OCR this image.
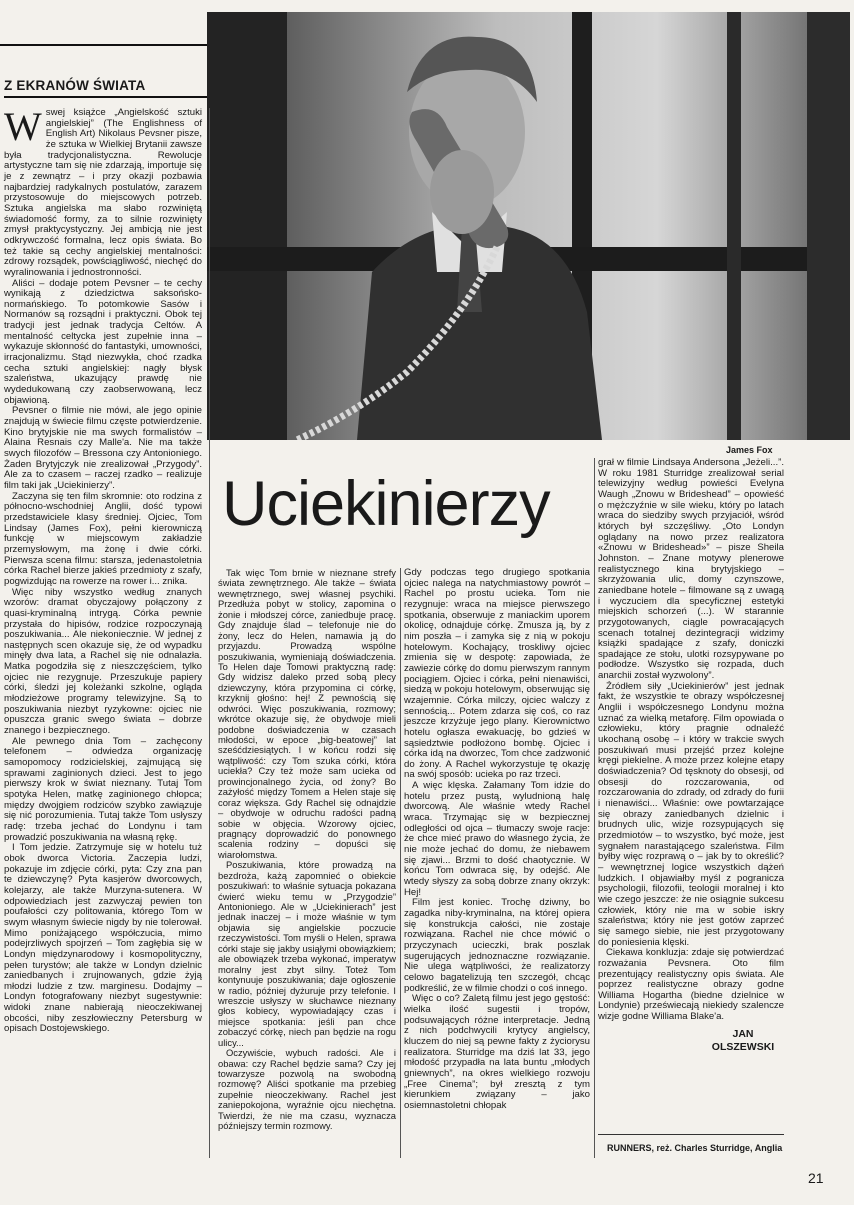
Z EKRANÓW ŚWIATA
James Fox
Uciekinierzy
W swej książce „Angielskość sztuki angielskiej” (The Englishness of English Art) Nikolaus Pevsner pisze, że sztuka w Wielkiej Brytanii zawsze była tradycjonalistyczna. Rewolucje artystyczne tam się nie zdarzają, importuje się je z zewnątrz – i przy okazji pozbawia najbardziej radykalnych postulatów, zarazem przystosowuje do miejscowych potrzeb. Sztuka angielska ma słabo rozwiniętą świadomość formy, za to silnie rozwinięty zmysł praktycystyczny. Jej ambicją nie jest odkrywczość formalna, lecz opis świata. Bo też takie są cechy angielskiej mentalności: zdrowy rozsądek, powściągliwość, niechęć do wyralinowania i jednostronności.

Aliści – dodaje potem Pevsner – te cechy wynikają z dziedzictwa saksońsko-normańskiego. To potomkowie Sasów i Normanów są rozsądni i praktyczni. Obok tej tradycji jest jednak tradycja Celtów. A mentalność celtycka jest zupełnie inna – wykazuje skłonność do fantastyki, umowności, irracjonalizmu. Stąd niezwykła, choć rzadka cecha sztuki angielskiej: nagły błysk szaleństwa, ukazujący prawdę nie wydedukowaną czy zaobserwowaną, lecz objawioną.

Pevsner o filmie nie mówi, ale jego opinie znajdują w świecie filmu częste potwierdzenie. Kino brytyjskie nie ma swych formalistów – Alaina Resnais czy Malle'a. Nie ma także swych filozofów – Bressona czy Antonioniego. Żaden Brytyjczyk nie zrealizował „Przygody”. Ale za to czasem – raczej rzadko – realizuje film taki jak „Uciekinierzy”.

Zaczyna się ten film skromnie: oto rodzina z północno-wschodniej Anglii, dość typowi przedstawiciele klasy średniej. Ojciec, Tom Lindsay (James Fox), pełni kierowniczą funkcję w miejscowym zakładzie przemysłowym, ma żonę i dwie córki. Pierwsza scena filmu: starsza, jedenastoletnia córka Rachel bierze jakieś przedmioty z szafy, pogwizdując na rowerze na rower i... znika.

Więc niby wszystko według znanych wzorów: dramat obyczajowy połączony z quasi-kryminalną intrygą. Córka pewnie przystała do hipisów, rodzice rozpoczynają poszukiwania... Ale niekoniecznie. W jednej z następnych scen okazuje się, że od wypadku minęły dwa lata, a Rachel się nie odnalazła. Matka pogodziła się z nieszczęściem, tylko ojciec nie rezygnuje. Przeszukuje papiery córki, śledzi jej koleżanki szkolne, ogląda młodzieżowe programy telewizyjne. Są to poszukiwania niezbyt ryzykowne: ojciec nie opuszcza granic swego świata – dobrze znanego i bezpiecznego.

Ale pewnego dnia Tom – zachęcony telefonem – odwiedza organizację samopomocy rodzicielskiej, zajmującą się sprawami zaginionych dzieci. Jest to jego pierwszy krok w świat nieznany. Tutaj Tom spotyka Helen, matkę zaginionego chłopca; między dwojgiem rodziców szybko zawiązuje się nić porozumienia. Tutaj także Tom usłyszy radę: trzeba jechać do Londynu i tam prowadzić poszukiwania na własną rękę.

I Tom jedzie. Zatrzymuje się w hotelu tuż obok dworca Victoria. Zaczepia ludzi, pokazuje im zdjęcie córki, pyta: Czy zna pan te dziewczynę? Pyta kasjerów dworcowych, kolejarzy, ale także Murzyna-sutenera. W odpowiedziach jest zazwyczaj pewien ton poufałości czy politowania, którego Tom w swym własnym świecie nigdy by nie tolerował. Mimo poniżającego współczucia, mimo podejrzliwych spojrzeń – Tom zagłębia się w Londyn międzynarodowy i kosmopolityczny, pełen turystów; ale także w Londyn dzielnic zaniedbanych i zrujnowanych, gdzie żyją młodzi ludzie z tzw. marginesu. Dodajmy – Londyn fotografowany niezbyt sugestywnie: widoki znane nabierają nieoczekiwanej obcości, niby zeszłowieczny Petersburg w opisach Dostojewskiego.

Tak więc Tom brnie w nieznane strefy świata zewnętrznego. Ale także – świata wewnętrznego, swej własnej psychiki. Przedłuża pobyt w stolicy, zapomina o żonie i młodszej córce, zaniedbuje pracę. Gdy znajduje ślad – telefonuje nie do żony, lecz do Helen, namawia ją do przyjazdu. Prowadzą wspólne poszukiwania, wymieniają doświadczenia. To Helen daje Tomowi praktyczną radę: Gdy widzisz daleko przed sobą plecy dziewczyny, która przypomina ci córkę, krzyknij głośno: hej! Z pewnością się odwróci. Więc poszukiwania, rozmowy; wkrótce okazuje się, że obydwoje mieli podobne doświadczenia w czasach młodości, w epoce „big-beatowej” lat sześćdziesiątych. I w końcu rodzi się wątpliwość: czy Tom szuka córki, która uciekła? Czy też może sam ucieka od prowincjonalnego życia, od żony? Bo zażyłość między Tomem a Helen staje się coraz większa. Gdy Rachel się odnajdzie – obydwoje w odruchu radości padną sobie w objęcia. Wzorowy ojciec, pragnący doprowadzić do ponownego scalenia rodziny – dopuści się wiarołomstwa.

Poszukiwania, które prowadzą na bezdroża, każą zapomnieć o obiekcie poszukiwań: to właśnie sytuacja pokazana ćwierć wieku temu w „Przygodzie” Antonioniego. Ale w „Uciekinierach” jest jednak inaczej – i może właśnie w tym objawia się angielskie poczucie rzeczywistości. Tom myśli o Helen, sprawa córki staje się jakby usiąłymi obowiązkiem; ale obowiązek trzeba wykonać, imperatyw moralny jest zbyt silny. Toteż Tom kontynuuje poszukiwania; daje ogłoszenie w radio, później dyżuruje przy telefonie. I wreszcie usłyszy w słuchawce nieznany głos kobiecy, wypowiadający czas i miejsce spotkania: jeśli pan chce zobaczyć córkę, niech pan będzie na rogu ulicy...

Oczywiście, wybuch radości. Ale i obawa: czy Rachel będzie sama? Czy jej towarzysze pozwolą na swobodną rozmowę? Aliści spotkanie ma przebieg zupełnie nieoczekiwany. Rachel jest zaniepokojona, wyraźnie ojcu niechętna. Twierdzi, że nie ma czasu, wyznacza późniejszy termin rozmowy.

Gdy podczas tego drugiego spotkania ojciec nalega na natychmiastowy powrót – Rachel po prostu ucieka. Tom nie rezygnuje: wraca na miejsce pierwszego spotkania, obserwuje z maniackim uporem okolicę, odnajduje córkę. Zmusza ją, by z nim poszła – i zamyka się z nią w pokoju hotelowym. Kochający, troskliwy ojciec zmienia się w despotę: zapowiada, że zawiezie córkę do domu pierwszym rannym pociągiem. Ojciec i córka, pełni nienawiści, siedzą w pokoju hotelowym, obserwując się wzajemnie. Córka milczy, ojciec walczy z sennością... Potem zdarza się coś, co raz jeszcze krzyżuje jego plany. Kierownictwo hotelu ogłasza ewakuację, bo gdzieś w sąsiedztwie podłożono bombę. Ojciec i córka idą na dworzec, Tom chce zadzwonić do żony. A Rachel wykorzystuje tę okazję na swój sposób: ucieka po raz trzeci.

A więc klęska. Załamany Tom idzie do hotelu przez pustą, wyludnioną halę dworcową. Ale właśnie wtedy Rachel wraca. Trzymając się w bezpiecznej odległości od ojca – tłumaczy swoje racje: że chce mieć prawo do własnego życia, że nie może jechać do domu, że niebawem się zjawi... Brzmi to dość chaotycznie. W końcu Tom odwraca się, by odejść. Ale wtedy słyszy za sobą dobrze znany okrzyk: Hej!

Film jest koniec. Trochę dziwny, bo zagadka niby-kryminalna, na której opiera się konstrukcja całości, nie zostaje rozwiązana. Rachel nie chce mówić o przyczynach ucieczki, brak poszlak sugerujących jednoznaczne rozwiązanie. Nie ulega wątpliwości, że realizatorzy celowo bagatelizują ten szczegół, chcąc podkreślić, że w filmie chodzi o coś innego.

Więc o co? Zaletą filmu jest jego gęstość: wielka ilość sugestii i tropów, podsuwających różne interpretacje. Jedną z nich podchwycili krytycy angielscy, kluczem do niej są pewne fakty z życiorysu realizatora. Sturridge ma dziś lat 33, jego młodość przypadła na lata buntu „młodych gniewnych”, na okres wielkiego rozwoju „Free Cinema”; był zresztą z tym kierunkiem związany – jako osiemnastoletni chłopak

grał w filmie Lindsaya Andersona „Jeżeli...”. W roku 1981 Sturridge zrealizował serial telewizyjny według powieści Evelyna Waugh „Znowu w Brideshead” – opowieść o mężczyźnie w sile wieku, który po latach wraca do siedziby swych przyjaciół, wśród których był szczęśliwy. „Oto Londyn oglądany na nowo przez realizatora «Znowu w Brideshead»” – pisze Sheila Johnston. – Znane motywy plenerowe realistycznego kina brytyjskiego – skrzyżowania ulic, domy czynszowe, zaniedbane hotele – filmowane są z uwagą i wyczuciem dla specyficznej estetyki miejskich schorzeń (...). W starannie przygotowanych, ciągle powracających scenach totalnej dezintegracji widzimy książki spadające z szafy, doniczki spadające ze stołu, ulotki rozsypywane po podłodze. Wszystko się rozpada, duch anarchii został wyzwolony”.

Źródłem siły „Uciekinierów” jest jednak fakt, że wszystkie te obrazy współczesnej Anglii i współczesnego Londynu można uznać za wielką metaforę. Film opowiada o człowieku, który pragnie odnaleźć ukochaną osobę – i który w trakcie swych poszukiwań musi przejść przez kolejne kręgi piekielne. A może przez kolejne etapy doświadczenia? Od tęsknoty do obsesji, od obsesji do rozczarowania, od rozczarowania do zdrady, od zdrady do furii i nienawiści... Właśnie: owe powtarzające się obrazy zaniedbanych dzielnic i brudnych ulic, wizje rozsypujących się przedmiotów – to wszystko, być może, jest sygnałem narastającego szaleństwa. Film byłby więc rozprawą o – jak by to określić? – wewnętrznej logice wszystkich dążeń ludzkich. I objawiałby myśl z pogranicza psychologii, filozofii, teologii moralnej i kto wie czego jeszcze: że nie osiągnie sukcesu człowiek, który nie ma w sobie iskry szaleństwa; który nie jest gotów zaprzeć się samego siebie, nie jest przygotowany do poniesienia klęski.

Ciekawa konkluzja: zdaje się potwierdzać rozważania Pevsnera. Oto film prezentujący realistyczny opis świata. Ale poprzez realistyczne obrazy godne Williama Hogartha (biedne dzielnice w Londynie) przeświecają niekiedy szalencze wizje godne Williama Blake'a.

JAN
OLSZEWSKI
RUNNERS, reż. Charles Sturridge, Anglia
21
